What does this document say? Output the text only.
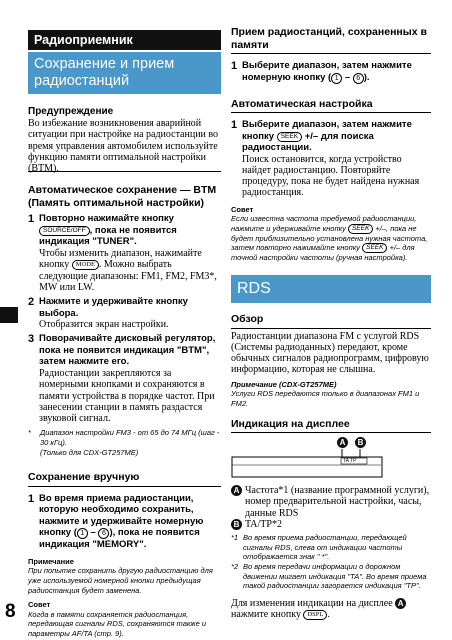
8
Радиоприемник
Сохранение и прием радиостанций
Предупреждение
Во избежание возникновения аварийной ситуации при настройке на радиостанции во время управления автомобилем используйте функцию памяти оптимальной настройки (BTM).
Автоматическое сохранение — BTM (Память оптимальной настройки)
1 Повторно нажимайте кнопку SOURCE/OFF , пока не появится индикация "TUNER".
Чтобы изменить диапазон, нажимайте кнопку MODE . Можно выбрать следующие диапазоны: FM1, FM2, FM3*, MW или LW.
2 Нажмите и удерживайте кнопку выбора.
Отобразится экран настройки.
3 Поворачивайте дисковый регулятор, пока не появится индикация "BTM", затем нажмите его.
Радиостанции закрепляются за номерными кнопками и сохраняются в памяти устройства в порядке частот. При занесении станции в память раздастся звуковой сигнал.
*	Диапазон настройки FM3 - от 65 до 74 МГц (шаг - 30 кГц).
(Только для CDX-GT257ME)
Сохранение вручную
1 Во время приема радиостанции, которую необходимо сохранить, нажмите и удерживайте номерную кнопку ( 1 – 6 ), пока не появится индикация "MEMORY".
Примечание
При попытке сохранить другую радиостанцию для уже используемой номерной кнопки предыдущая радиостанция будет заменена.
Совет
Когда в памяти сохраняется радиостанция, передающая сигналы RDS, сохраняются также и параметры AF/TA (стр. 9).
Прием радиостанций, сохраненных в памяти
1 Выберите диапазон, затем нажмите номерную кнопку ( 1 – 6 ).
Автоматическая настройка
1 Выберите диапазон, затем нажмите кнопку SEEK +/– для поиска радиостанции.
Поиск остановится, когда устройство найдет радиостанцию. Повторяйте процедуру, пока не будет найдена нужная радиостанция.
Совет
Если известна частота требуемой радиостанции, нажмите и удерживайте кнопку SEEK +/–, пока не будет приблизительно установлена нужная частота, затем повторно нажимайте кнопку SEEK +/– для точной настройки частоты (ручная настройка).
RDS
Обзор
Радиостанции диапазона FM с услугой RDS (Системы радиоданных) передают, кроме обычных сигналов радиопрограмм, цифровую информацию, которая не слышна.
Примечание (CDX-GT257ME)
Услуги RDS передаются только в диапазонах FM1 и FM2.
Индикация на дисплее
A	B
TA TP
A Частота*1 (название программной услуги), номер предварительной настройки, часы, данные RDS
B TA/TP*2
*1 Во время приема радиостанции, передающей сигналы RDS, слева от индикации частоты отображается знак " *".
*2 Во время передачи информации о дорожном движении мигает индикация "TA". Во время приема такой радиостанции загорается индикация "TP".
Для изменения индикации на дисплее A
нажмите кнопку DSPL .
